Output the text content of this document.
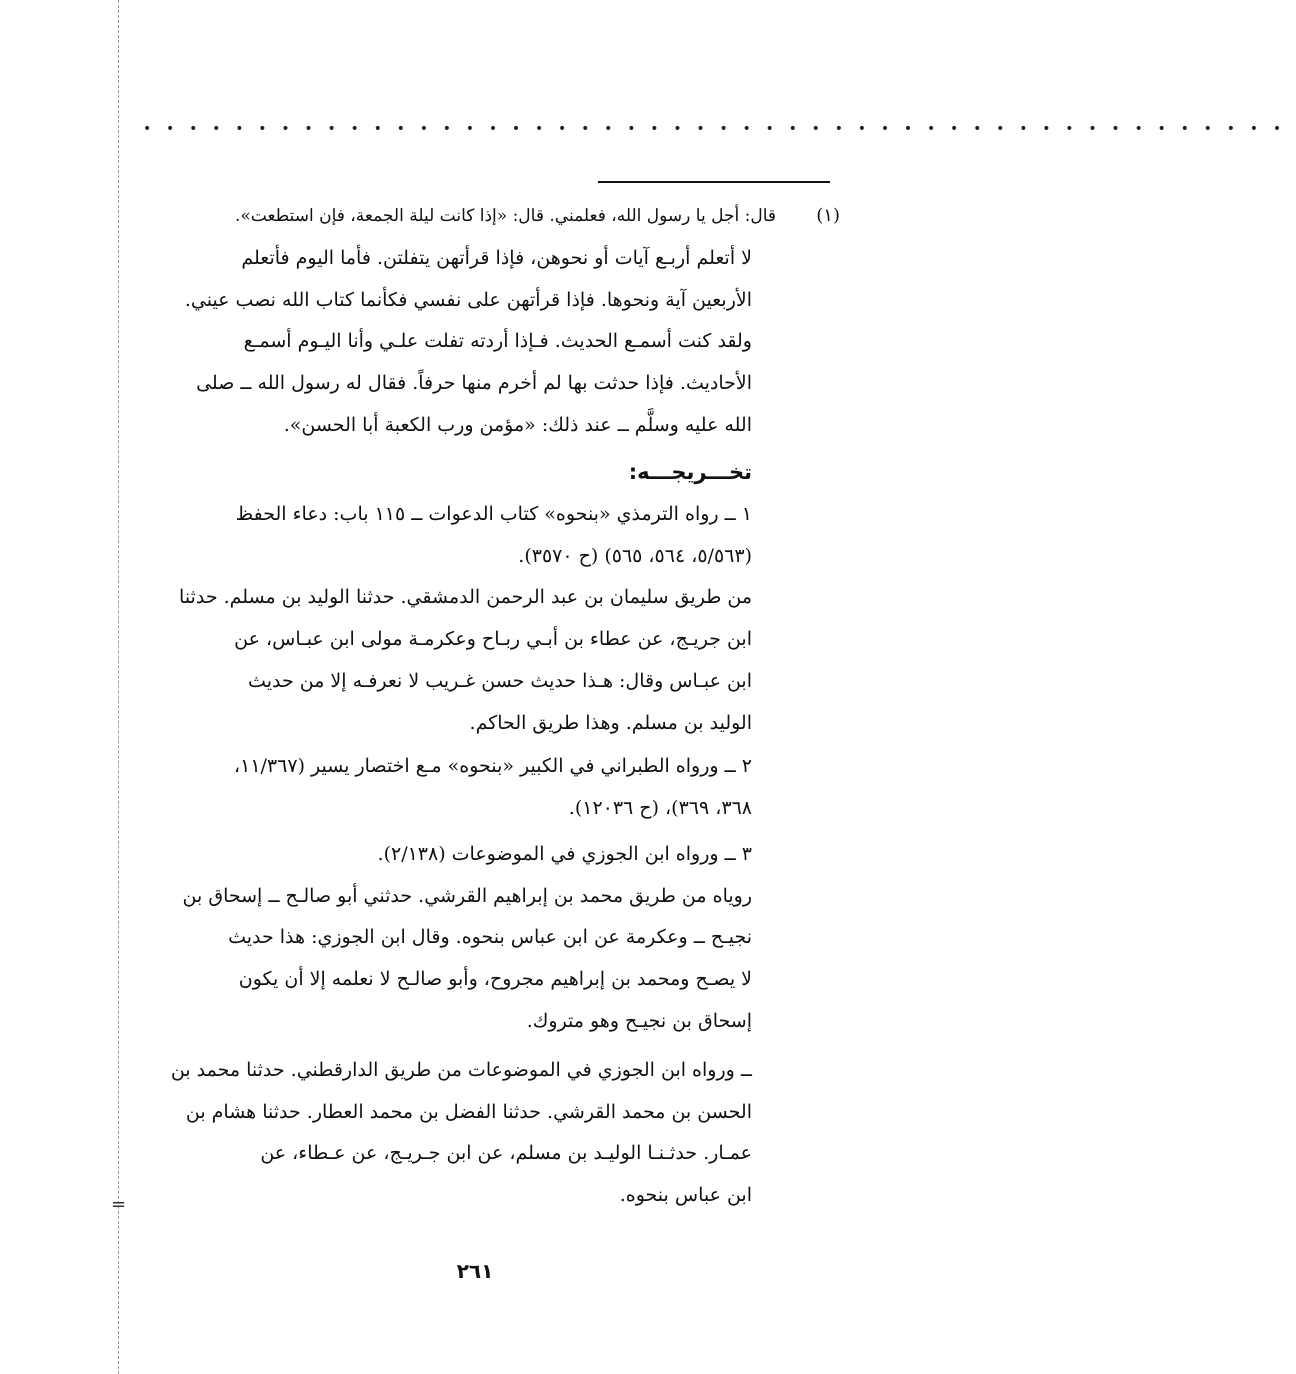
=
••••••••••••••••••••••••••••••••••••••••••••••••••
(١)
قال: أجل يا رسول الله، فعلمني. قال: «إذا كانت ليلة الجمعة، فإن استطعت».

لا أتعلم أربـع آيات أو نحوهن، فإذا قرأتهن يتفلتن. فأما اليوم فأتعلم

الأربعين آية ونحوها. فإذا قرأتهن على نفسي فكأنما كتاب الله نصب عيني.

ولقد كنت أسمـع الحديث. فـإذا أردته تفلت علـي وأنا اليـوم أسمـع

الأحاديث. فإذا حدثت بها لم أخرم منها حرفاً. فقال له رسول الله ــ صلى

الله عليه وسلَّم ــ عند ذلك: «مؤمن ورب الكعبة أبا الحسن».

تخـــريجـــه:

١ ــ رواه الترمذي «بنحوه» كتاب الدعوات ــ ١١٥ باب: دعاء الحفظ

(٥/٥٦٣، ٥٦٤، ٥٦٥) (ح ٣٥٧٠).

من طريق سليمان بن عبد الرحمن الدمشقي. حدثنا الوليد بن مسلم. حدثنا

ابن جريـج، عن عطاء بن أبـي ربـاح وعكرمـة مولى ابن عبـاس، عن

ابن عبـاس وقال: هـذا حديث حسن غـريب لا نعرفـه إلا من حديث

الوليد بن مسلم. وهذا طريق الحاكم.

٢ ــ ورواه الطبراني في الكبير «بنحوه» مـع اختصار يسير (١١/٣٦٧،

٣٦٨، ٣٦٩)، (ح ١٢٠٣٦).

٣ ــ ورواه ابن الجوزي في الموضوعات (٢/١٣٨).

روياه من طريق محمد بن إبراهيم القرشي. حدثني أبو صالـح ــ إسحاق بن

نجيـح ــ وعكرمة عن ابن عباس بنحوه. وقال ابن الجوزي: هذا حديث

لا يصـح ومحمد بن إبراهيم مجروح، وأبو صالـح لا نعلمه إلا أن يكون

إسحاق بن نجيـح وهو متروك.

ــ ورواه ابن الجوزي في الموضوعات من طريق الدارقطني. حدثنا محمد بن

الحسن بن محمد القرشي. حدثنا الفضل بن محمد العطار. حدثنا هشام بن

عمـار. حدثـنـا الوليـد بن مسلم، عن ابن جـريـج، عن عـطاء، عن

ابن عباس بنحوه.

٢٦١
